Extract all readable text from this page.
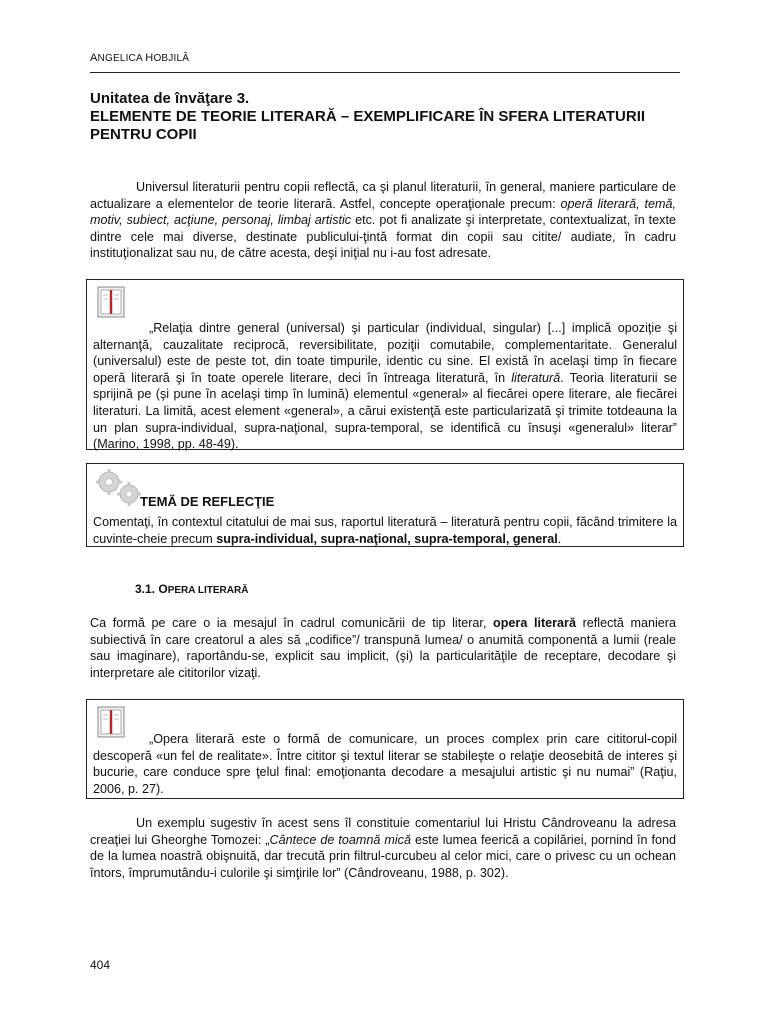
ANGELICA HOBJILĂ
Unitatea de învăţare 3.
ELEMENTE DE TEORIE LITERARĂ – EXEMPLIFICARE ÎN SFERA LITERATURII
PENTRU COPII
Universul literaturii pentru copii reflectă, ca şi planul literaturii, în general, maniere particulare de actualizare a elementelor de teorie literară. Astfel, concepte operaţionale precum: operă literară, temă, motiv, subiect, acţiune, personaj, limbaj artistic etc. pot fi analizate şi interpretate, contextualizat, în texte dintre cele mai diverse, destinate publicului-ţintă format din copii sau citite/ audiate, în cadru instituţionalizat sau nu, de către acesta, deşi iniţial nu i-au fost adresate.
„Relaţia dintre general (universal) şi particular (individual, singular) [...] implică opoziţie şi alternanţă, cauzalitate reciprocă, reversibilitate, poziţii comutabile, complementaritate. Generalul (universalul) este de peste tot, din toate timpurile, identic cu sine. El există în acelaşi timp în fiecare operă literară şi în toate operele literare, deci în întreaga literatură, în literatură. Teoria literaturii se sprijină pe (şi pune în acelaşi timp în lumină) elementul «general» al fiecărei opere literare, ale fiecărei literaturi. La limită, acest element «general», a cărui existenţă este particularizată şi trimite totdeauna la un plan supra-individual, supra-naţional, supra-temporal, se identifică cu însuşi «generalul» literar” (Marino, 1998, pp. 48-49).
TEMĂ DE REFLECŢIE
Comentaţi, în contextul citatului de mai sus, raportul literatură – literatură pentru copii, făcând trimitere la cuvinte-cheie precum supra-individual, supra-naţional, supra-temporal, general.
3.1. OPERA LITERARĂ
Ca formă pe care o ia mesajul în cadrul comunicării de tip literar, opera literară reflectă maniera subiectivă în care creatorul a ales să „codifice”/ transpună lumea/ o anumită componentă a lumii (reale sau imaginare), raportându-se, explicit sau implicit, (şi) la particularităţile de receptare, decodare şi interpretare ale cititorilor vizaţi.
„Opera literară este o formă de comunicare, un proces complex prin care cititorul-copil descoperă «un fel de realitate». Între cititor şi textul literar se stabileşte o relaţie deosebită de interes şi bucurie, care conduce spre ţelul final: emoţionanta decodare a mesajului artistic şi nu numai” (Raţiu, 2006, p. 27).
Un exemplu sugestiv în acest sens îl constituie comentariul lui Hristu Cândroveanu la adresa creaţiei lui Gheorghe Tomozei: „Cântece de toamnă mică este lumea feerică a copilăriei, pornind în fond de la lumea noastră obişnuită, dar trecută prin filtrul-curcubeu al celor mici, care o privesc cu un ochean întors, împrumutându-i culorile şi simţirile lor” (Cândroveanu, 1988, p. 302).
404
